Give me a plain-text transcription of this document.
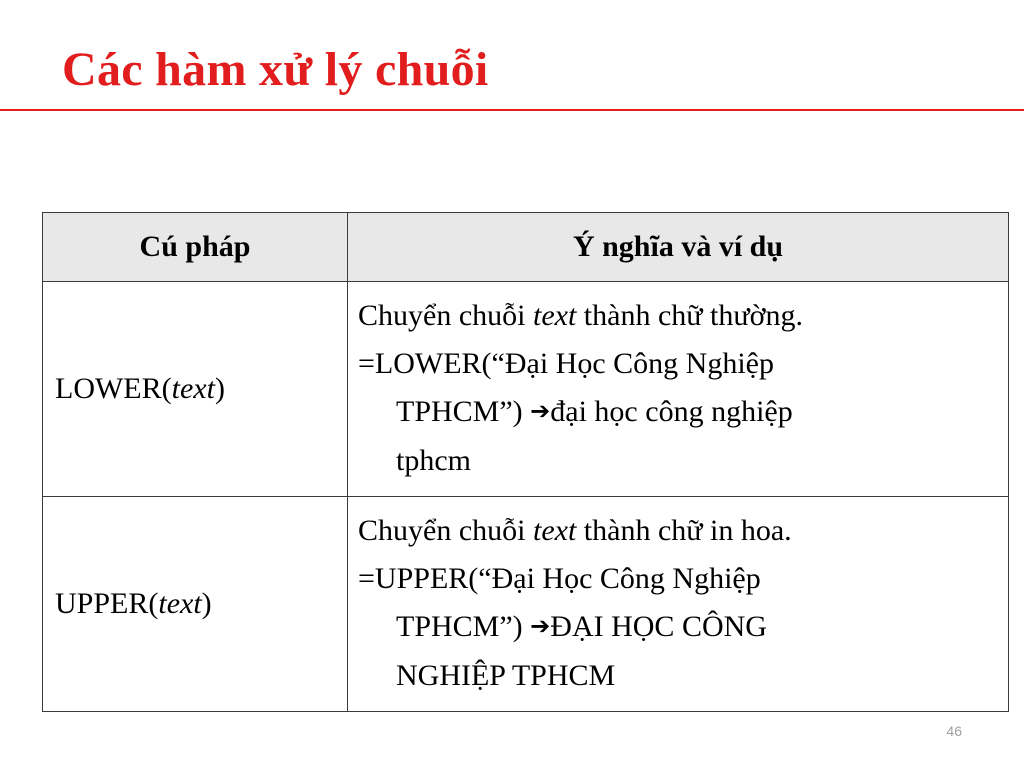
Các hàm xử lý chuỗi
Cú pháp	Ý nghĩa và ví dụ
LOWER(text)	Chuyển chuỗi text thành chữ thường.
=LOWER(“Đại Học Công Nghiệp
TPHCM”) ➔đại học công nghiệp
tphcm

UPPER(text)	Chuyển chuỗi text thành chữ in hoa.
=UPPER(“Đại Học Công Nghiệp
TPHCM”) ➔ĐẠI HỌC CÔNG
NGHIỆP TPHCM
46
